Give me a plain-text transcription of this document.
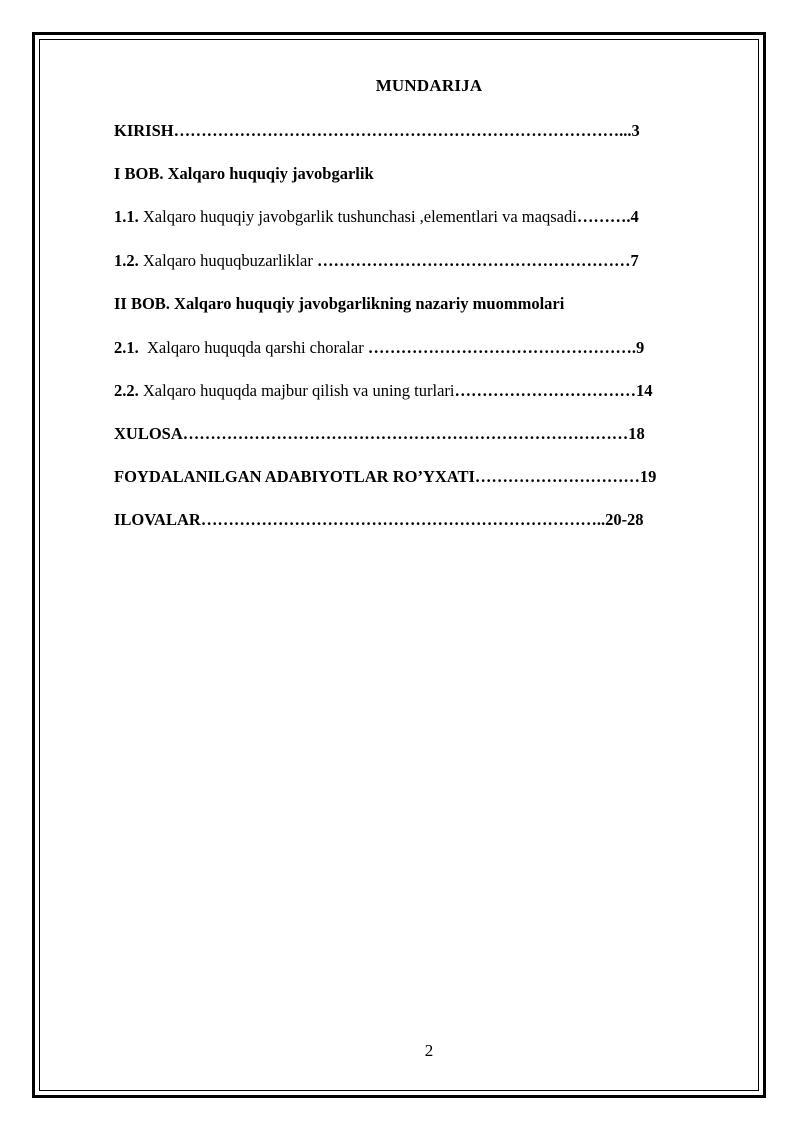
MUNDARIJA
KIRISH………………………………………………………………………...3
I BOB. Xalqaro huquqiy javobgarlik
1.1. Xalqaro huquqiy javobgarlik tushunchasi ,elementlari va maqsadi……….4
1.2. Xalqaro huquqbuzarliklar …………………………………………………7
II BOB. Xalqaro huquqiy javobgarlikning nazariy muommolari
2.1.  Xalqaro huquqda qarshi choralar ………………………………………….9
2.2. Xalqaro huquqda majbur qilish va uning turlari……………………………14
XULOSA………………………………………………………………………18
FOYDALANILGAN ADABIYOTLAR RO’YXATI…………………………19
ILOVALAR………………………………………………………………..20-28
2
